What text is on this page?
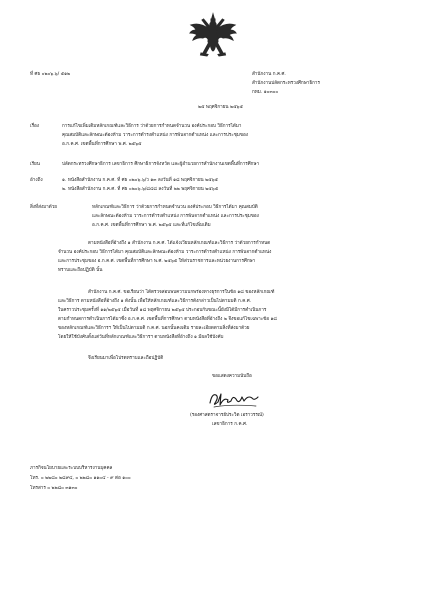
ที่ ศธ ๐๒๐๖.๖/ ๕๑๒	สำนักงาน ก.ค.ศ.
สำนักงานปลัดกระทรวงศึกษาธิการ
กทม. ๑๐๓๐๐
๒๕ พฤศจิกายน ๒๕๖๕
เรื่อง	การแก้ไขเพิ่มเติมหลักเกณฑ์และวิธีการ ว่าด้วยการกำหนดจำนวน องค์ประกอบ วิธีการได้มา
คุณสมบัติและลักษณะต้องห้าม วาระการดำรงตำแหน่ง การพ้นจากตำแหน่ง และการประชุมของ
อ.ก.ค.ศ. เขตพื้นที่การศึกษา พ.ศ. ๒๕๖๕
เรียน	ปลัดกระทรวงศึกษาธิการ เลขาธิการ ศึกษาธิการจังหวัด และผู้อำนวยการสำนักงานเขตพื้นที่การศึกษา
อ้างถึง	๑. หนังสือสำนักงาน ก.ค.ศ. ที่ ศธ ๐๒๐๖.๖/ว ๑๓ ลงวันที่ ๑๘ พฤศจิกายน ๒๕๖๕
๒. หนังสือสำนักงาน ก.ค.ศ. ที่ ศธ ๐๒๐๖.๖/๘๔๘ ลงวันที่ ๒๒ พฤศจิกายน ๒๕๖๕
สิ่งที่ส่งมาด้วย	หลักเกณฑ์และวิธีการ ว่าด้วยการกำหนดจำนวน องค์ประกอบ วิธีการได้มา คุณสมบัติ
และลักษณะต้องห้าม วาระการดำรงตำแหน่ง การพ้นจากตำแหน่ง และการประชุมของ
อ.ก.ค.ศ. เขตพื้นที่การศึกษา พ.ศ. ๒๕๖๕ และที่แก้ไขเพิ่มเติม
ตามหนังสือที่อ้างถึง ๑ สำนักงาน ก.ค.ศ. ได้แจ้งเวียนหลักเกณฑ์และวิธีการ ว่าด้วยการกำหนด
จำนวน องค์ประกอบ วิธีการได้มา คุณสมบัติและลักษณะต้องห้าม วาระการดำรงตำแหน่ง การพ้นจากตำแหน่ง
และการประชุมของ อ.ก.ค.ศ. เขตพื้นที่การศึกษา พ.ศ. ๒๕๖๕ ให้ส่วนราชการและหน่วยงานการศึกษา
ทราบและถือปฏิบัติ นั้น
สำนักงาน ก.ค.ศ. ขอเรียนว่า ได้ตรวจสอบพบความบกพร่องทางธุรการในข้อ ๑๘ ของหลักเกณฑ์
และวิธีการ ตามหนังสือที่อ้างถึง ๑ ดังนั้น เพื่อให้หลักเกณฑ์และวิธีการดังกล่าวเป็นไปตามมติ ก.ค.ศ.
ในคราวประชุมครั้งที่ ๑๑/๒๕๖๕ เมื่อวันที่ ๑๘ พฤศจิกายน ๒๕๖๕ ประกอบกับขณะนี้ยังมิได้มีการดำเนินการ
ตามกำหนดการดำเนินการได้มาซึ่ง อ.ก.ค.ศ. เขตพื้นที่การศึกษา ตามหนังสือที่อ้างถึง ๒ จึงขอแก้ไขเฉพาะข้อ ๑๘
ของหลักเกณฑ์และวิธีการฯ ให้เป็นไปตามมติ ก.ค.ศ. นอกนั้นคงเดิม รายละเอียดตามสิ่งที่ส่งมาด้วย
โดยให้ใช้บังคับตั้งแต่วันที่หลักเกณฑ์และวิธีการฯ ตามหนังสือที่อ้างถึง ๑ มีผลใช้บังคับ
จึงเรียนมาเพื่อโปรดทราบและถือปฏิบัติ
ขอแสดงความนับถือ
(รองศาสตราจารย์ประวิต เอราวรรณ์)
เลขาธิการ ก.ค.ศ.
ภารกิจนโยบายและระบบบริหารงานบุคคล
โทร. ๐ ๒๒๘๐ ๒๘๙๔, ๐ ๒๒๘๐ ๑๑๐๔ - ๙ ต่อ ๑๐๐
โทรสาร ๐ ๒๒๘๐ ๓๑๓๐
